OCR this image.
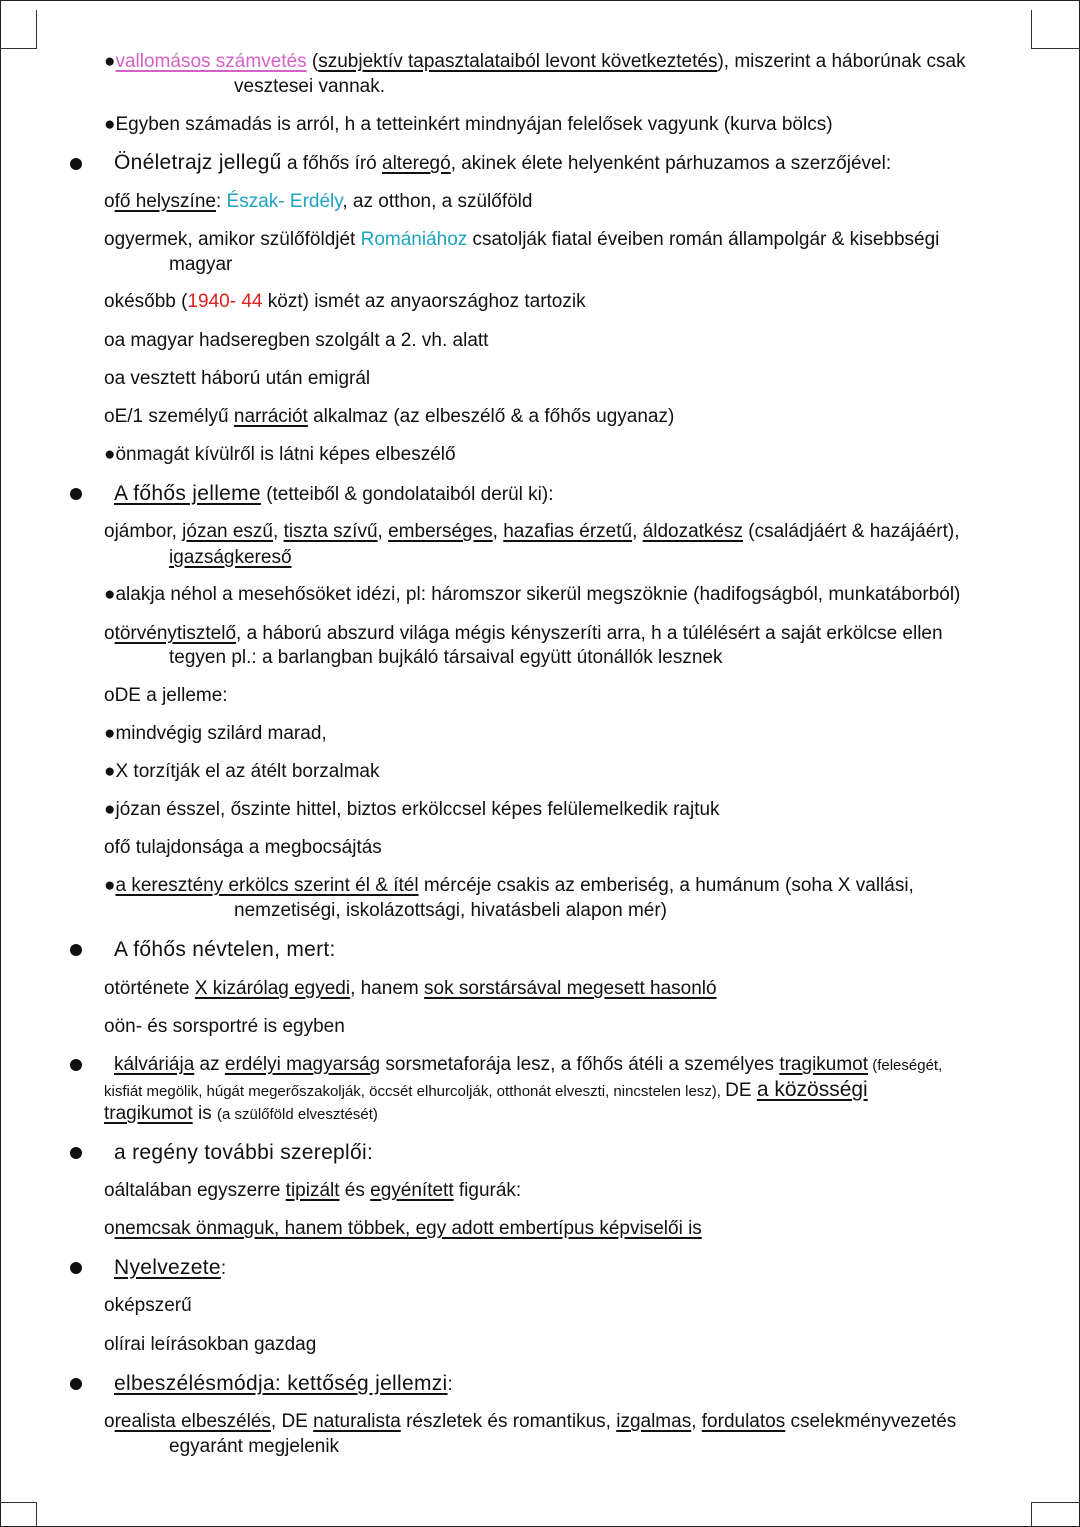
●vallomásos számvetés (szubjektív tapasztalataiból levont következtetés), miszerint a háborúnak csak
vesztesei vannak.
●Egyben számadás is arról, h a tetteinkért mindnyájan felelősek vagyunk (kurva bölcs)
Önéletrajz jellegű a főhős író alteregó, akinek élete helyenként párhuzamos a szerzőjével:
ofő helyszíne: Észak- Erdély, az otthon, a szülőföld
ogyermek, amikor szülőföldjét Romániához csatolják fiatal éveiben román állampolgár & kisebbségi
magyar
okésőbb (1940- 44 közt) ismét az anyaországhoz tartozik
oa magyar hadseregben szolgált a 2. vh. alatt
oa vesztett háború után emigrál
oE/1 személyű narrációt alkalmaz (az elbeszélő & a főhős ugyanaz)
●önmagát kívülről is látni képes elbeszélő
A főhős jelleme (tetteiből & gondolataiból derül ki):
ojámbor, józan eszű, tiszta szívű, emberséges, hazafias érzetű, áldozatkész (családjáért & hazájáért),
igazságkereső
●alakja néhol a mesehősöket idézi, pl: háromszor sikerül megszöknie (hadifogságból, munkatáborból)
otörvénytisztelő, a háború abszurd világa mégis kényszeríti arra, h a túlélésért a saját erkölcse ellen
tegyen pl.: a barlangban bujkáló társaival együtt útonállók lesznek
oDE a jelleme:
●mindvégig szilárd marad,
●X torzítják el az átélt borzalmak
●józan ésszel, őszinte hittel, biztos erkölccsel képes felülemelkedik rajtuk
ofő tulajdonsága a megbocsájtás
●a keresztény erkölcs szerint él & ítél mércéje csakis az emberiség, a humánum (soha X vallási,
nemzetiségi, iskolázottsági, hivatásbeli alapon mér)
A főhős névtelen, mert:
otörténete X kizárólag egyedi, hanem sok sorstársával megesett hasonló
oön- és sorsportré is egyben
kálváriája az erdélyi magyarság sorsmetaforája lesz, a főhős átéli a személyes tragikumot (feleségét,
kisfiát megölik, húgát megerőszakolják, öccsét elhurcolják, otthonát elveszti, nincstelen lesz), DE a közösségi
tragikumot is (a szülőföld elvesztését)
a regény további szereplői:
oáltalában egyszerre tipizált és egyénített figurák:
onemcsak önmaguk, hanem többek, egy adott embertípus képviselői is
Nyelvezete:
oképszerű
olírai leírásokban gazdag
elbeszélésmódja: kettőség jellemzi:
orealista elbeszélés, DE naturalista részletek és romantikus, izgalmas, fordulatos cselekményvezetés
egyaránt megjelenik
